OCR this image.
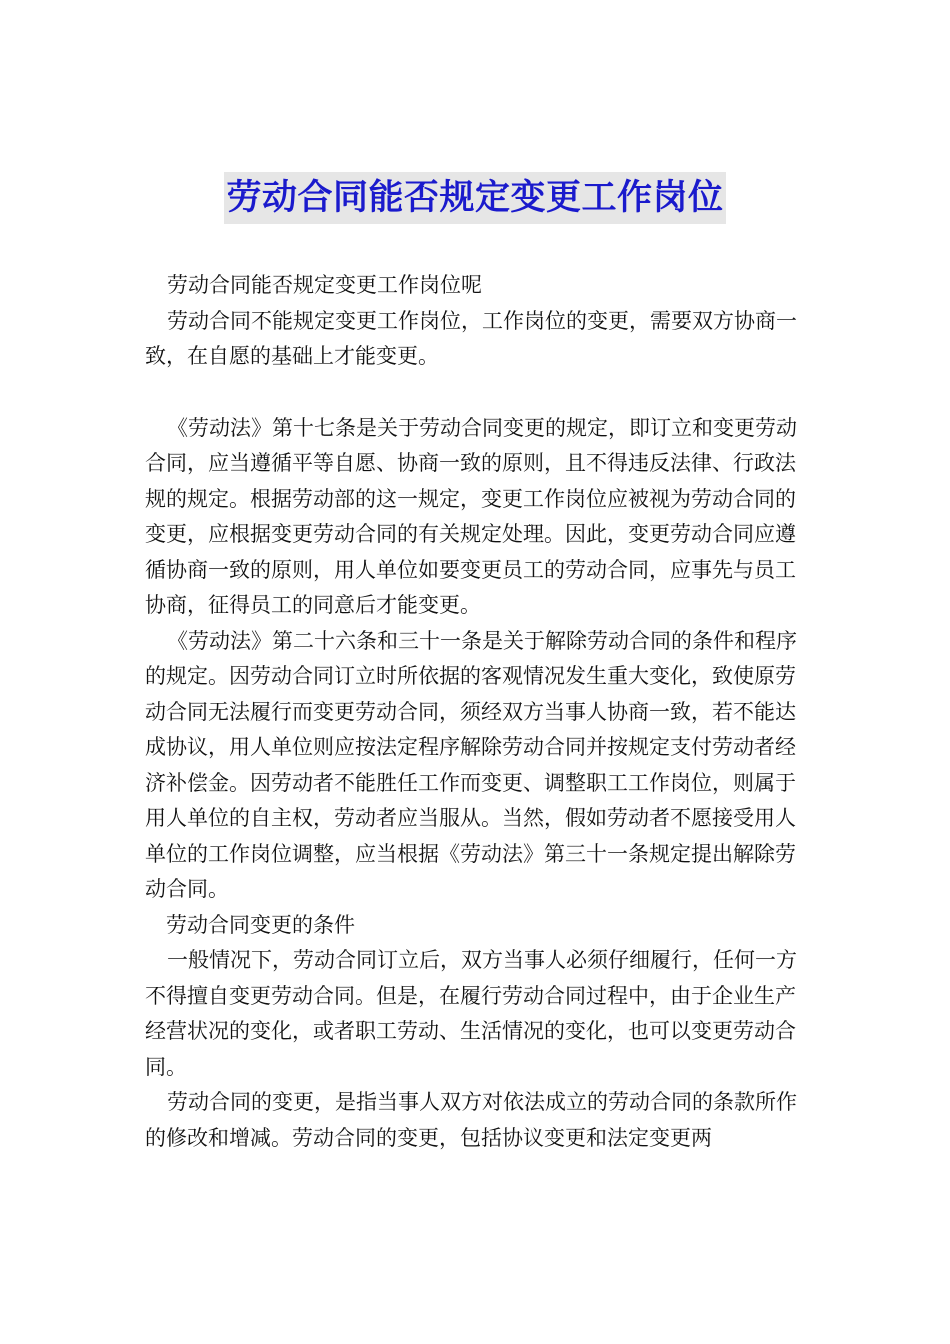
劳动合同能否规定变更工作岗位

劳动合同能否规定变更工作岗位呢

劳动合同不能规定变更工作岗位，工作岗位的变更，需要双方协商一致，在自愿的基础上才能变更。

《劳动法》第十七条是关于劳动合同变更的规定，即订立和变更劳动合同，应当遵循平等自愿、协商一致的原则，且不得违反法律、行政法规的规定。根据劳动部的这一规定，变更工作岗位应被视为劳动合同的变更，应根据变更劳动合同的有关规定处理。因此，变更劳动合同应遵循协商一致的原则，用人单位如要变更员工的劳动合同，应事先与员工协商，征得员工的同意后才能变更。

《劳动法》第二十六条和三十一条是关于解除劳动合同的条件和程序的规定。因劳动合同订立时所依据的客观情况发生重大变化，致使原劳动合同无法履行而变更劳动合同，须经双方当事人协商一致，若不能达成协议，用人单位则应按法定程序解除劳动合同并按规定支付劳动者经济补偿金。因劳动者不能胜任工作而变更、调整职工工作岗位，则属于用人单位的自主权，劳动者应当服从。当然，假如劳动者不愿接受用人单位的工作岗位调整，应当根据《劳动法》第三十一条规定提出解除劳动合同。

劳动合同变更的条件

一般情况下，劳动合同订立后，双方当事人必须仔细履行，任何一方不得擅自变更劳动合同。但是，在履行劳动合同过程中，由于企业生产经营状况的变化，或者职工劳动、生活情况的变化，也可以变更劳动合同。

劳动合同的变更，是指当事人双方对依法成立的劳动合同的条款所作的修改和增减。劳动合同的变更，包括协议变更和法定变更两
